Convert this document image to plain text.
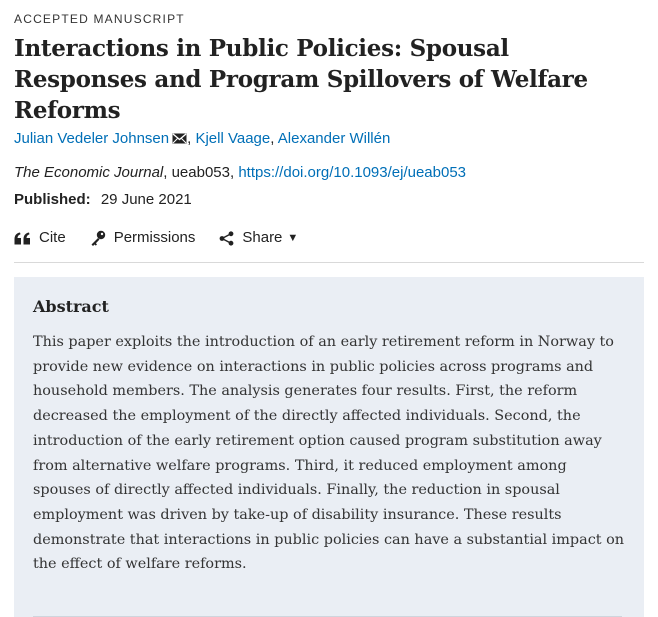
ACCEPTED MANUSCRIPT
Interactions in Public Policies: Spousal Responses and Program Spillovers of Welfare Reforms
Julian Vedeler Johnsen , Kjell Vaage, Alexander Willén
The Economic Journal, ueab053, https://doi.org/10.1093/ej/ueab053
Published: 29 June 2021
Cite	Permissions	Share ▼
Abstract
This paper exploits the introduction of an early retirement reform in Norway to provide new evidence on interactions in public policies across programs and household members. The analysis generates four results. First, the reform decreased the employment of the directly affected individuals. Second, the introduction of the early retirement option caused program substitution away from alternative welfare programs. Third, it reduced employment among spouses of directly affected individuals. Finally, the reduction in spousal employment was driven by take-up of disability insurance. These results demonstrate that interactions in public policies can have a substantial impact on the effect of welfare reforms.
